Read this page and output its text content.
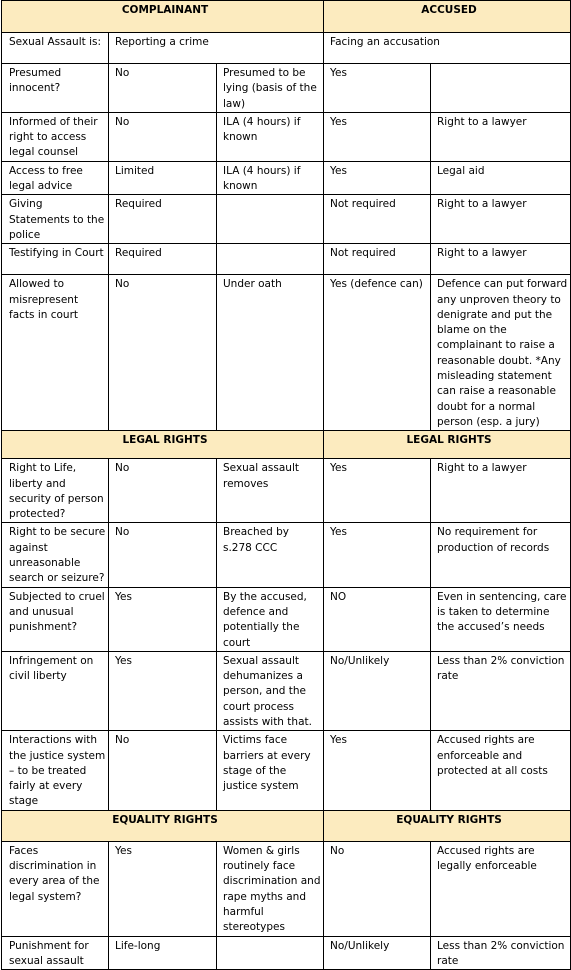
COMPLAINANT			ACCUSED	
Sexual Assault is:	Reporting a crime		Facing an accusation	
Presumed innocent?	No	Presumed to be lying (basis of the law)	Yes	
Informed of their right to access legal counsel	No	ILA (4 hours) if known	Yes	Right to a lawyer
Access to free legal advice	Limited	ILA (4 hours) if known	Yes	Legal aid
Giving Statements to the police	Required		Not required	Right to a lawyer
Testifying in Court	Required		Not required	Right to a lawyer
Allowed to misrepresent facts in court	No	Under oath	Yes (defence can)	Defence can put forward any unproven theory to denigrate and put the blame on the complainant to raise a reasonable doubt. *Any misleading statement can raise a reasonable doubt for a normal person (esp. a jury)
LEGAL RIGHTS			LEGAL RIGHTS	
Right to Life, liberty and security of person protected?	No	Sexual assault removes	Yes	Right to a lawyer
Right to be secure against unreasonable search or seizure?	No	Breached by s.278 CCC	Yes	No requirement for production of records
Subjected to cruel and unusual punishment?	Yes	By the accused, defence and potentially the court	NO	Even in sentencing, care is taken to determine the accused’s needs
Infringement on civil liberty	Yes	Sexual assault dehumanizes a person, and the court process assists with that.	No/Unlikely	Less than 2% conviction rate
Interactions with the justice system – to be treated fairly at every stage	No	Victims face barriers at every stage of the justice system	Yes	Accused rights are enforceable and protected at all costs
EQUALITY RIGHTS			EQUALITY RIGHTS	
Faces discrimination in every area of the legal system?	Yes	Women & girls routinely face discrimination and rape myths and harmful stereotypes	No	Accused rights are legally enforceable
Punishment for sexual assault	Life-long		No/Unlikely	Less than 2% conviction rate
